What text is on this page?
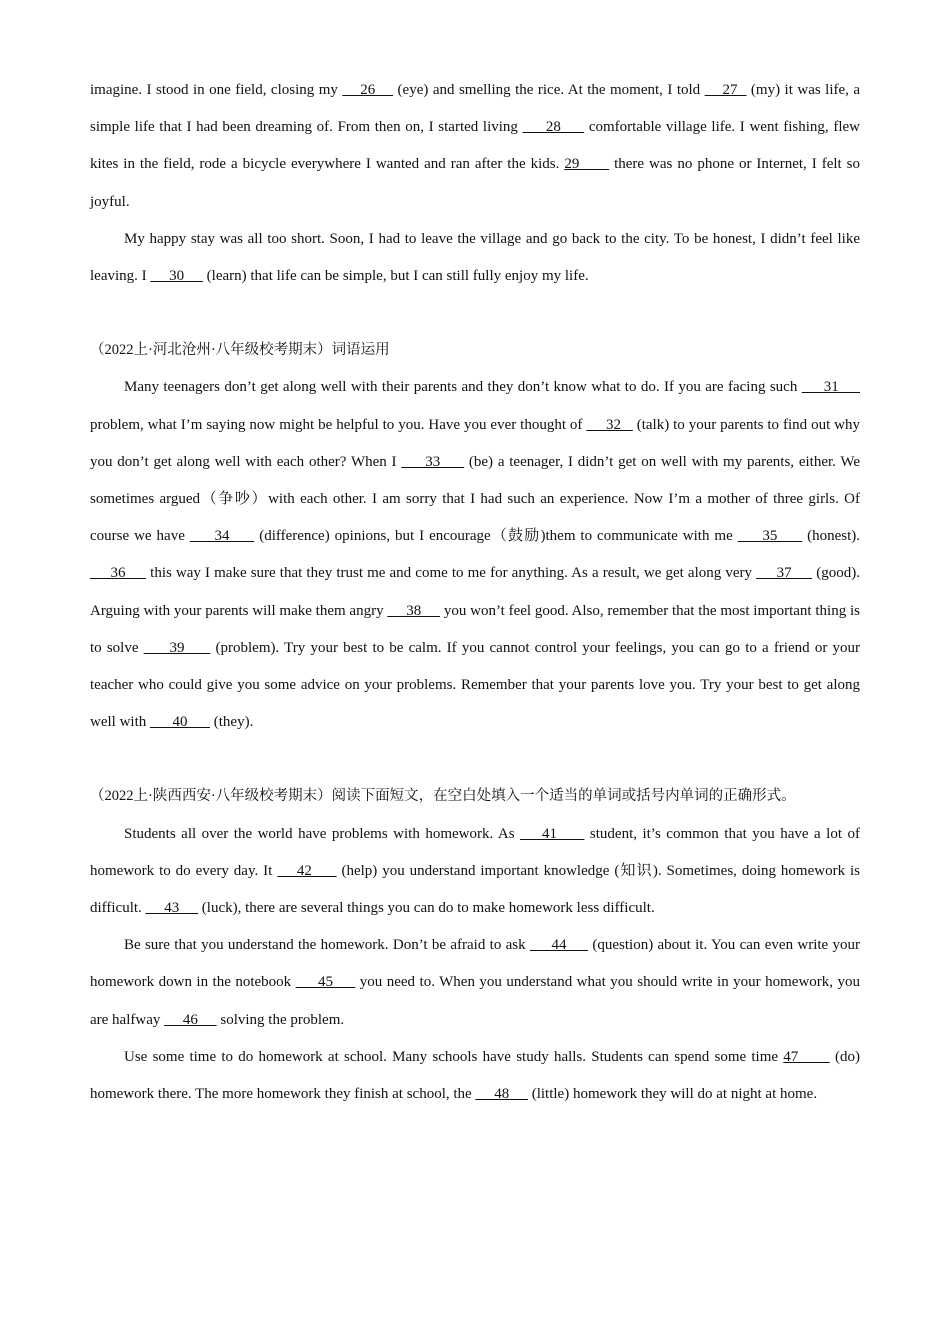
imagine. I stood in one field, closing my     26     (eye) and smelling the rice. At the moment, I told     27   (my) it was life, a simple life that I had been dreaming of. From then on, I started living      28      comfortable village life. I went fishing, flew kites in the field, rode a bicycle everywhere I wanted and ran after the kids. 29       there was no phone or Internet, I felt so joyful.

My happy stay was all too short. Soon, I had to leave the village and go back to the city. To be honest, I didn’t feel like leaving. I      30      (learn) that life can be simple, but I can still fully enjoy my life.

（2022上·河北沧州·八年级校考期末）词语运用

Many teenagers don’t get along well with their parents and they don’t know what to do. If you are facing such      31      problem, what I’m saying now might be helpful to you. Have you ever thought of      32    (talk) to your parents to find out why you don’t get along well with each other? When I      33      (be) a teenager, I didn’t get on well with my parents, either. We sometimes argued（争吵）with each other. I am sorry that I had such an experience. Now I’m a mother of three girls. Of course we have      34      (difference) opinions, but I encourage（鼓励)them to communicate with me      35      (honest).      36      this way I make sure that they trust me and come to me for anything. As a result, we get along very      37      (good). Arguing with your parents will make them angry      38      you won’t feel good. Also, remember that the most important thing is to solve      39      (problem). Try your best to be calm. If you cannot control your feelings, you can go to a friend or your teacher who could give you some advice on your problems. Remember that your parents love you. Try your best to get along well with       40       (they).

（2022上·陕西西安·八年级校考期末）阅读下面短文，在空白处填入一个适当的单词或括号内单词的正确形式。

Students all over the world have problems with homework. As     41      student, it’s common that you have a lot of homework to do every day. It     42      (help) you understand important knowledge (知识). Sometimes, doing homework is difficult.      43      (luck), there are several things you can do to make homework less difficult.

Be sure that you understand the homework. Don’t be afraid to ask      44      (question) about it. You can even write your homework down in the notebook      45      you need to. When you understand what you should write in your homework, you are halfway      46      solving the problem.

Use some time to do homework at school. Many schools have study halls. Students can spend some time 47       (do) homework there. The more homework they finish at school, the      48      (little) homework they will do at night at home.
